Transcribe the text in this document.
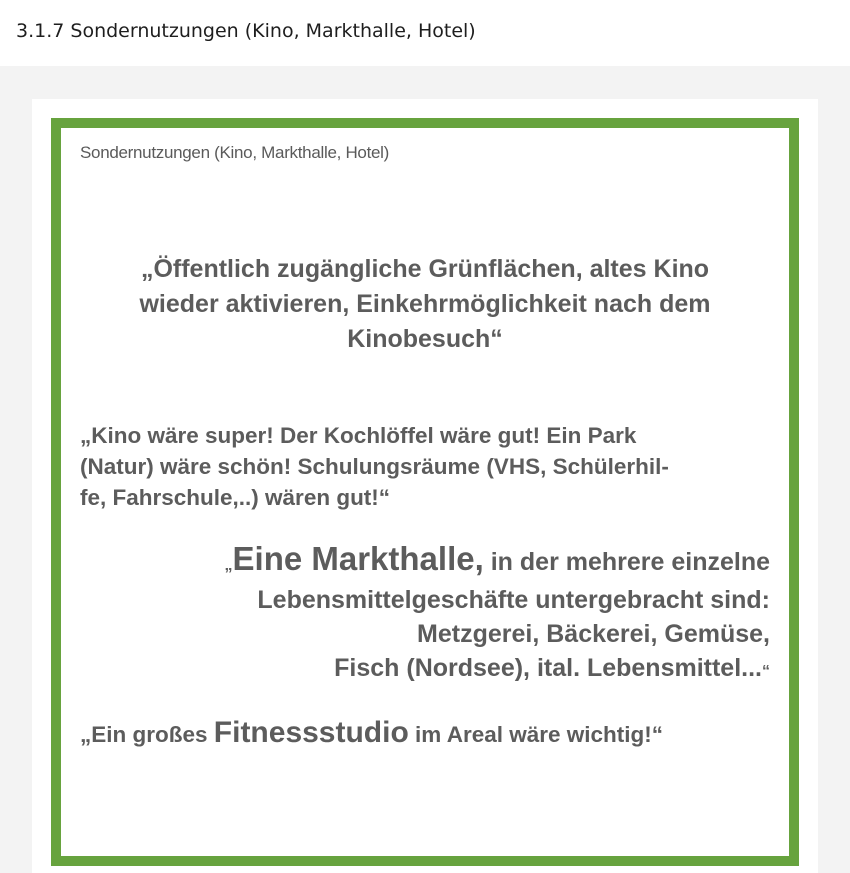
3.1.7 Sondernutzungen (Kino, Markthalle, Hotel)
Sondernutzungen (Kino, Markthalle, Hotel)
„Öffentlich zugängliche Grünflächen, altes Kino
wieder aktivieren, Einkehrmöglichkeit nach dem
Kinobesuch“
„Kino wäre super! Der Kochlöffel wäre gut! Ein Park
(Natur) wäre schön! Schulungsräume (VHS, Schülerhil-
fe, Fahrschule,..) wären gut!“
„Eine Markthalle, in der mehrere einzelne
Lebensmittelgeschäfte untergebracht sind:
Metzgerei, Bäckerei, Gemüse,
Fisch (Nordsee), ital. Lebensmittel...“
„Ein großes Fitnessstudio im Areal wäre wichtig!“
